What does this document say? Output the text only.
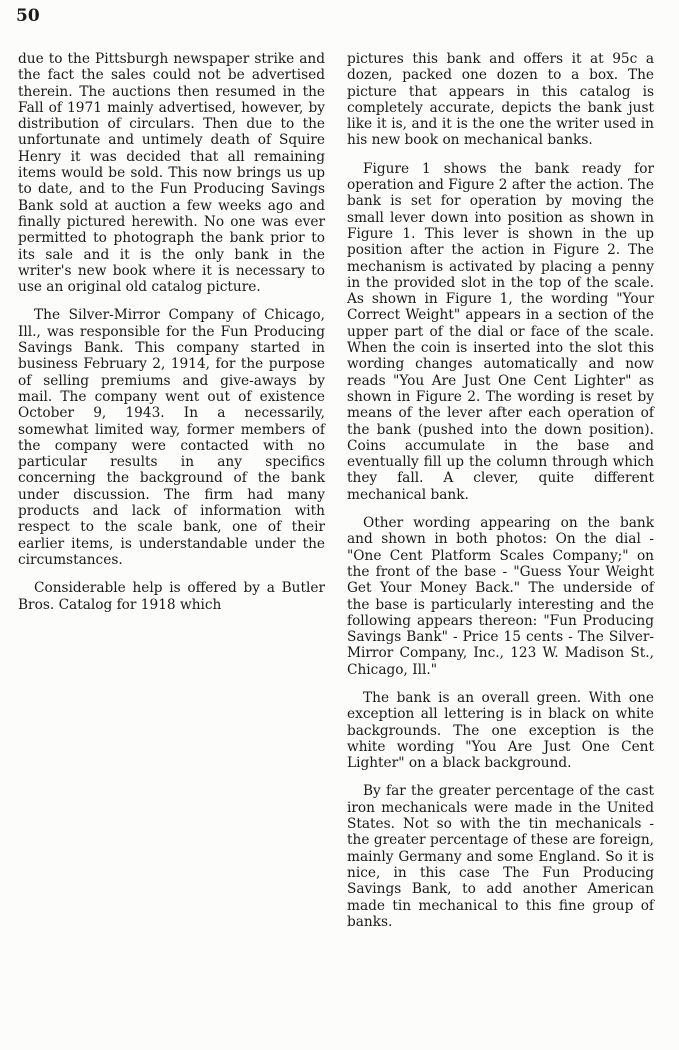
50

due to the Pittsburgh newspaper strike and the fact the sales could not be advertised therein. The auctions then resumed in the Fall of 1971 mainly advertised, however, by distribution of circulars. Then due to the unfortunate and untimely death of Squire Henry it was decided that all remaining items would be sold. This now brings us up to date, and to the Fun Producing Savings Bank sold at auction a few weeks ago and finally pictured herewith. No one was ever permitted to photograph the bank prior to its sale and it is the only bank in the writer's new book where it is necessary to use an original old catalog picture.

The Silver-Mirror Company of Chicago, Ill., was responsible for the Fun Producing Savings Bank. This company started in business February 2, 1914, for the purpose of selling premiums and give-aways by mail. The company went out of existence October 9, 1943. In a necessarily, somewhat limited way, former members of the company were contacted with no particular results in any specifics concerning the background of the bank under discussion. The firm had many products and lack of information with respect to the scale bank, one of their earlier items, is understandable under the circumstances.

Considerable help is offered by a Butler Bros. Catalog for 1918 which

pictures this bank and offers it at 95c a dozen, packed one dozen to a box. The picture that appears in this catalog is completely accurate, depicts the bank just like it is, and it is the one the writer used in his new book on mechanical banks.

Figure 1 shows the bank ready for operation and Figure 2 after the action. The bank is set for operation by moving the small lever down into position as shown in Figure 1. This lever is shown in the up position after the action in Figure 2. The mechanism is activated by placing a penny in the provided slot in the top of the scale. As shown in Figure 1, the wording "Your Correct Weight" appears in a section of the upper part of the dial or face of the scale. When the coin is inserted into the slot this wording changes automatically and now reads "You Are Just One Cent Lighter" as shown in Figure 2. The wording is reset by means of the lever after each operation of the bank (pushed into the down position). Coins accumulate in the base and eventually fill up the column through which they fall. A clever, quite different mechanical bank.

Other wording appearing on the bank and shown in both photos: On the dial - "One Cent Platform Scales Company;" on the front of the base - "Guess Your Weight Get Your Money Back." The underside of the base is particularly interesting and the following appears thereon: "Fun Producing Savings Bank" - Price 15 cents - The Silver-Mirror Company, Inc., 123 W. Madison St., Chicago, Ill."

The bank is an overall green. With one exception all lettering is in black on white backgrounds. The one exception is the white wording "You Are Just One Cent Lighter" on a black background.

By far the greater percentage of the cast iron mechanicals were made in the United States. Not so with the tin mechanicals - the greater percentage of these are foreign, mainly Germany and some England. So it is nice, in this case The Fun Producing Savings Bank, to add another American made tin mechanical to this fine group of banks.
